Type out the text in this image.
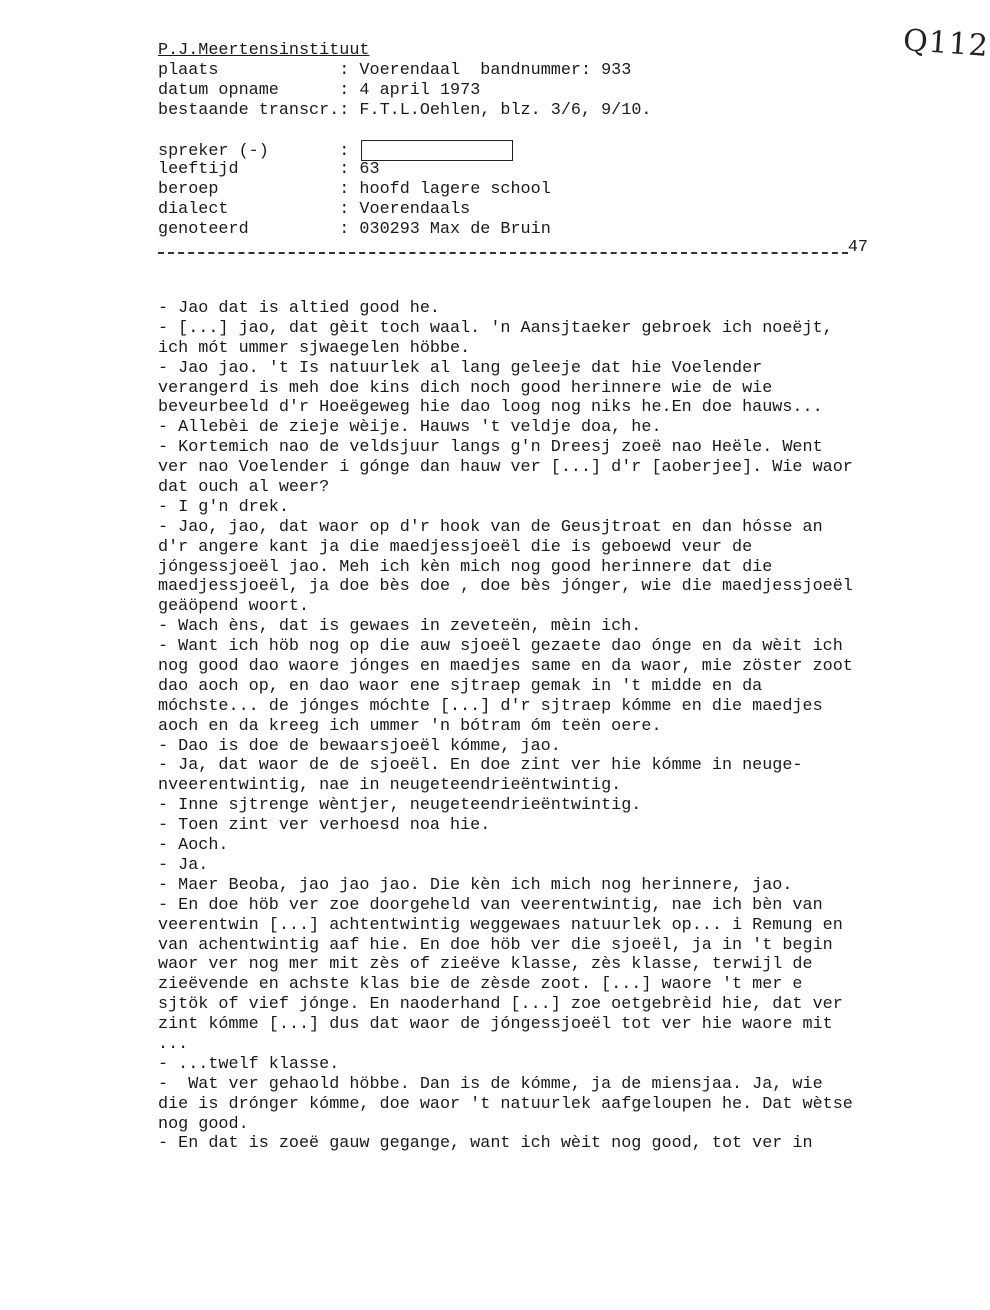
Q112
P.J.Meertensinstituut
plaats	: Voerendaal  bandnummer: 933
datum opname	: 4 april 1973
bestaande transcr.: F.T.L.Oehlen, blz. 3/6, 9/10.
spreker (-)	:
leeftijd	: 63
beroep	: hoofd lagere school
dialect	: Voerendaals
genoteerd	: 030293 Max de Bruin
47
- Jao dat is altied good he.
- [...] jao, dat gèit toch waal. 'n Aansjtaeker gebroek ich noeëjt,
ich mót ummer sjwaegelen höbbe.
- Jao jao. 't Is natuurlek al lang geleeje dat hie Voelender
verangerd is meh doe kins dich noch good herinnere wie de wie
beveurbeeld d'r Hoeëgeweg hie dao loog nog niks he.En doe hauws...
- Allebèi de zieje wèije. Hauws 't veldje doa, he.
- Kortemich nao de veldsjuur langs g'n Dreesj zoeë nao Heële. Went
ver nao Voelender i gónge dan hauw ver [...] d'r [aoberjee]. Wie waor
dat ouch al weer?
- I g'n drek.
- Jao, jao, dat waor op d'r hook van de Geusjtroat en dan hósse an
d'r angere kant ja die maedjessjoeël die is geboewd veur de
jóngessjoeël jao. Meh ich kèn mich nog good herinnere dat die
maedjessjoeël, ja doe bès doe , doe bès jónger, wie die maedjessjoeël
geäöpend woort.
- Wach èns, dat is gewaes in zeveteën, mèin ich.
- Want ich höb nog op die auw sjoeël gezaete dao ónge en da wèit ich
nog good dao waore jónges en maedjes same en da waor, mie zöster zoot
dao aoch op, en dao waor ene sjtraep gemak in 't midde en da
móchste... de jónges móchte [...] d'r sjtraep kómme en die maedjes
aoch en da kreeg ich ummer 'n bótram óm teën oere.
- Dao is doe de bewaarsjoeël kómme, jao.
- Ja, dat waor de de sjoeël. En doe zint ver hie kómme in neuge-
nveerentwintig, nae in neugeteendrieëntwintig.
- Inne sjtrenge wèntjer, neugeteendrieëntwintig.
- Toen zint ver verhoesd noa hie.
- Aoch.
- Ja.
- Maer Beoba, jao jao jao. Die kèn ich mich nog herinnere, jao.
- En doe höb ver zoe doorgeheld van veerentwintig, nae ich bèn van
veerentwin [...] achtentwintig weggewaes natuurlek op... i Remung en
van achentwintig aaf hie. En doe höb ver die sjoeël, ja in 't begin
waor ver nog mer mit zès of zieëve klasse, zès klasse, terwijl de
zieëvende en achste klas bie de zèsde zoot. [...] waore 't mer e
sjtök of vief jónge. En naoderhand [...] zoe oetgebrèid hie, dat ver
zint kómme [...] dus dat waor de jóngessjoeël tot ver hie waore mit
...
- ...twelf klasse.
-  Wat ver gehaold höbbe. Dan is de kómme, ja de miensjaa. Ja, wie
die is drónger kómme, doe waor 't natuurlek aafgeloupen he. Dat wètse
nog good.
- En dat is zoeë gauw gegange, want ich wèit nog good, tot ver in
